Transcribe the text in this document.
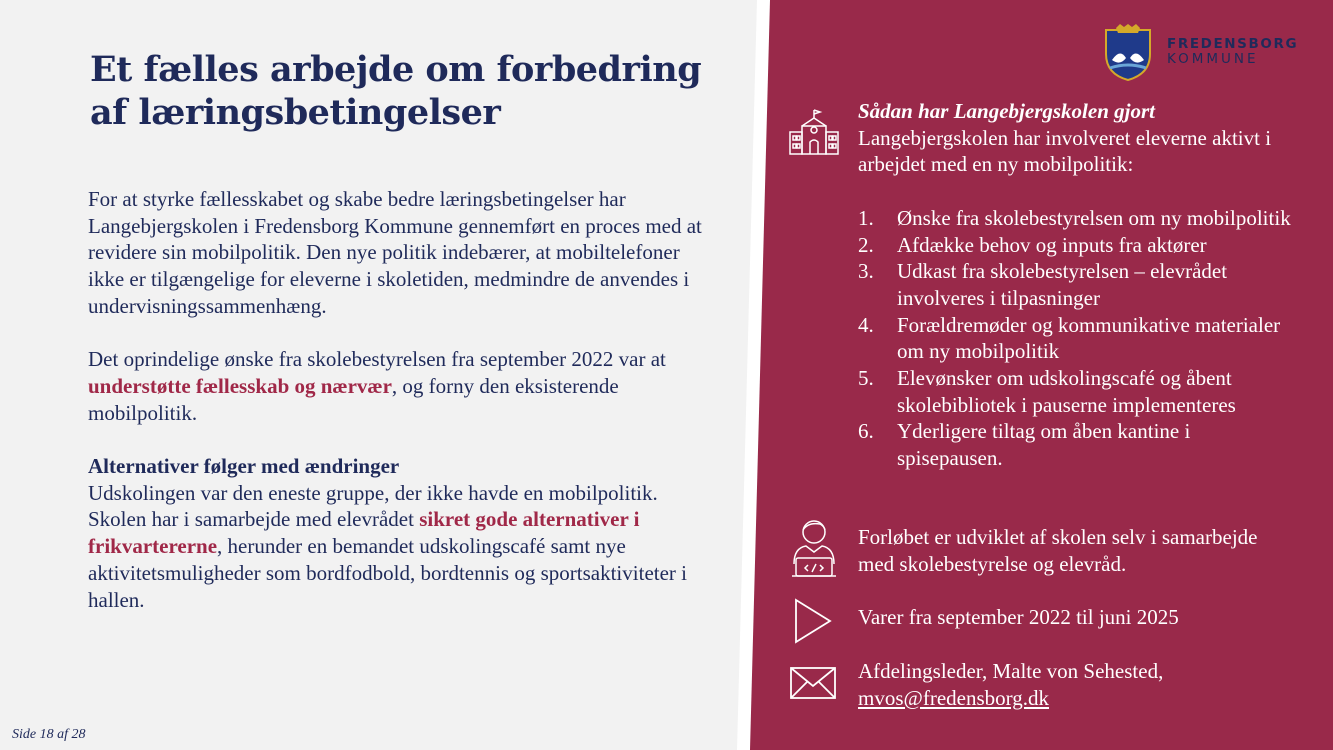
Et fælles arbejde om forbedring af læringsbetingelser

For at styrke fællesskabet og skabe bedre læringsbetingelser har Langebjergskolen i Fredensborg Kommune gennemført en proces med at revidere sin mobilpolitik. Den nye politik indebærer, at mobiltelefoner ikke er tilgængelige for eleverne i skoletiden, medmindre de anvendes i undervisningssammenhæng.

Det oprindelige ønske fra skolebestyrelsen fra september 2022 var at understøtte fællesskab og nærvær, og forny den eksisterende mobilpolitik.

Alternativer følger med ændringer

Udskolingen var den eneste gruppe, der ikke havde en mobilpolitik. Skolen har i samarbejde med elevrådet sikret gode alternativer i frikvartererne, herunder en bemandet udskolingscafé samt nye aktivitetsmuligheder som bordfodbold, bordtennis og sportsaktiviteter i hallen.

Side 18 af 28
FREDENSBORG
KOMMUNE
Sådan har Langebjergskolen gjort
Langebjergskolen har involveret eleverne aktivt i arbejdet med en ny mobilpolitik:
1. Ønske fra skolebestyrelsen om ny mobilpolitik
2. Afdække behov og inputs fra aktører
3. Udkast fra skolebestyrelsen – elevrådet involveres i tilpasninger
4. Forældremøder og kommunikative materialer om ny mobilpolitik
5. Elevønsker om udskolingscafé og åbent skolebibliotek i pauserne implementeres
6. Yderligere tiltag om åben kantine i spisepausen.
Forløbet er udviklet af skolen selv i samarbejde med skolebestyrelse og elevråd.
Varer fra september 2022 til juni 2025
Afdelingsleder, Malte von Sehested,
mvos@fredensborg.dk
